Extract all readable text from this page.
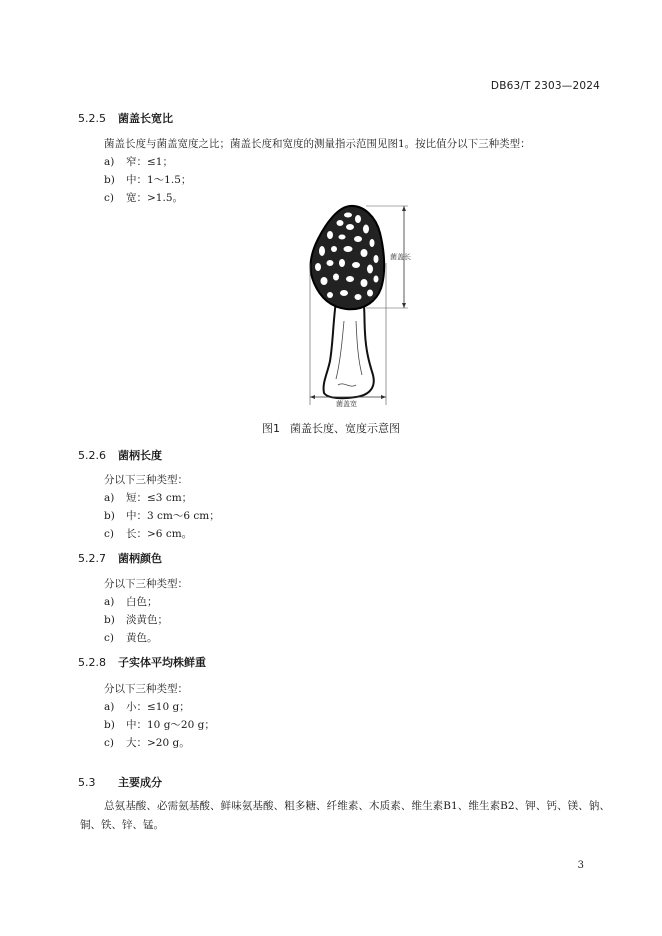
DB63/T 2303—2024
5.2.5 菌盖长宽比
菌盖长度与菌盖宽度之比；菌盖长度和宽度的测量指示范围见图1。按比值分以下三种类型：
a) 窄：≤1；
b) 中：1～1.5；
c) 宽：>1.5。
菌盖长
菌盖宽
图1 菌盖长度、宽度示意图
5.2.6 菌柄长度
分以下三种类型：
a) 短：≤3 cm；
b) 中：3 cm～6 cm；
c) 长：>6 cm。
5.2.7 菌柄颜色
分以下三种类型：
a) 白色；
b) 淡黄色；
c) 黄色。
5.2.8 子实体平均株鲜重
分以下三种类型：
a) 小：≤10 g；
b) 中：10 g～20 g；
c) 大：>20 g。
5.3 主要成分
总氨基酸、必需氨基酸、鲜味氨基酸、粗多糖、纤维素、木质素、维生素B1、维生素B2、钾、钙、镁、钠、铜、铁、锌、锰。
3
